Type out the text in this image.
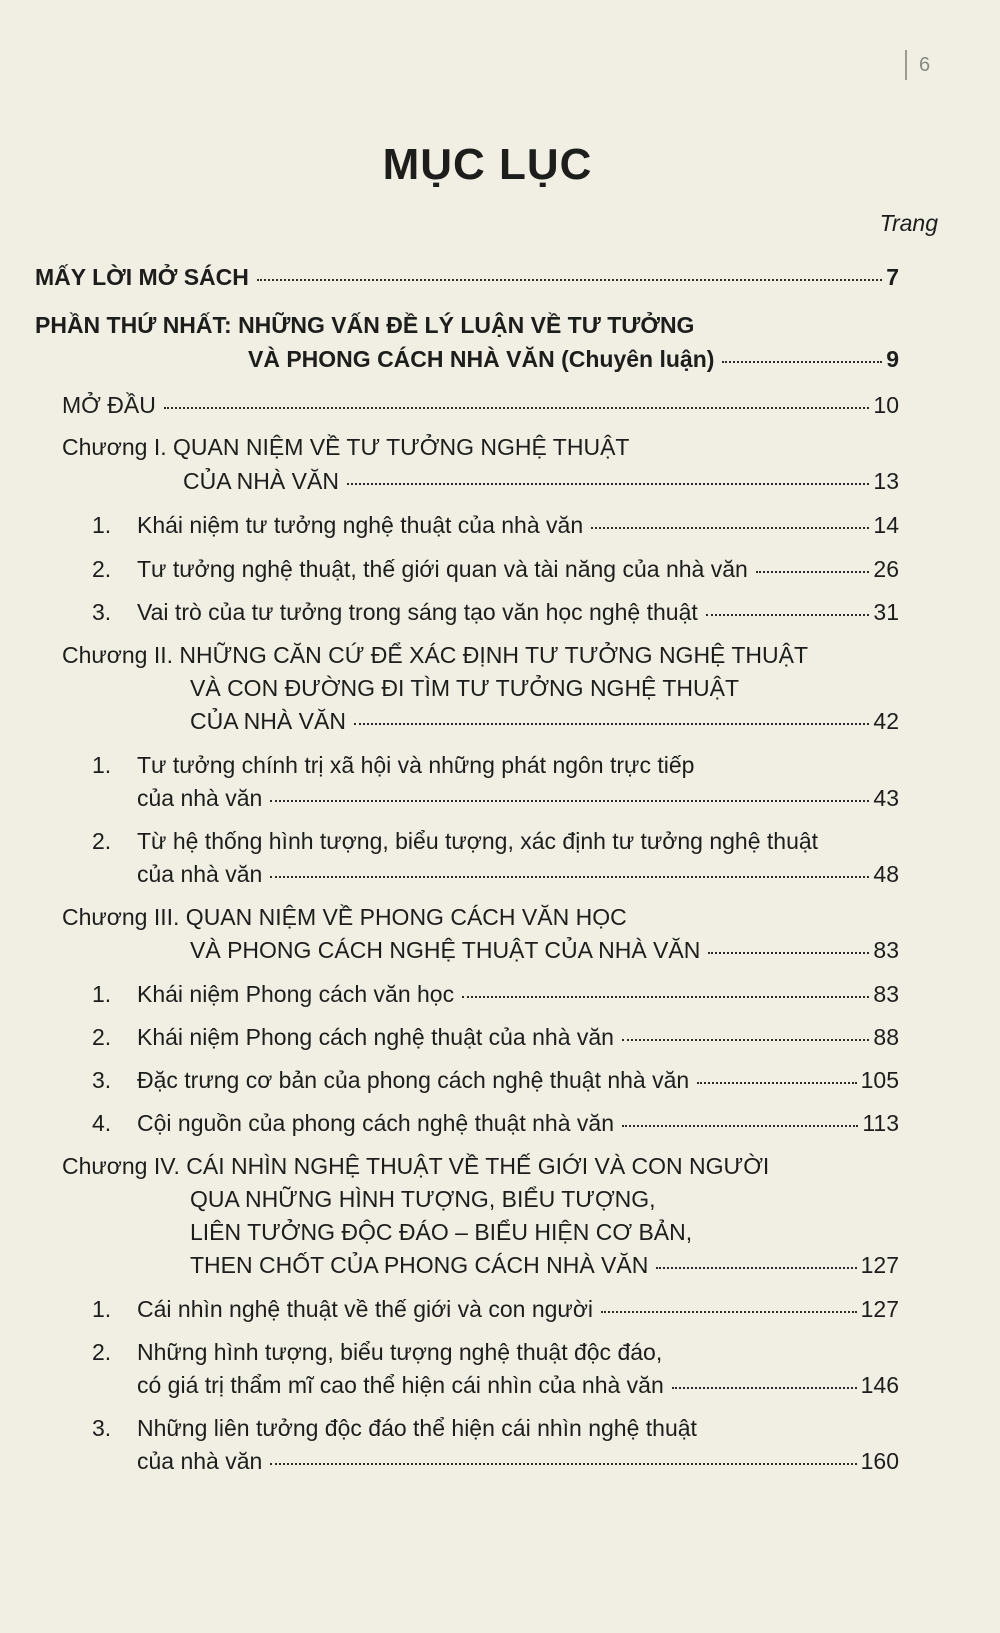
6
MỤC LỤC
Trang
MẤY LỜI MỞ SÁCH	7
PHẦN THỨ NHẤT: NHỮNG VẤN ĐỀ LÝ LUẬN VỀ TƯ TƯỞNG
VÀ PHONG CÁCH NHÀ VĂN (Chuyên luận)	9
MỞ ĐẦU	10
Chương I. QUAN NIỆM VỀ TƯ TƯỞNG NGHỆ THUẬT
CỦA NHÀ VĂN	13
1. Khái niệm tư tưởng nghệ thuật của nhà văn	14
2. Tư tưởng nghệ thuật, thế giới quan và tài năng của nhà văn	26
3. Vai trò của tư tưởng trong sáng tạo văn học nghệ thuật	31
Chương II. NHỮNG CĂN CỨ ĐỂ XÁC ĐỊNH TƯ TƯỞNG NGHỆ THUẬT
VÀ CON ĐƯỜNG ĐI TÌM TƯ TƯỞNG NGHỆ THUẬT
CỦA NHÀ VĂN	42
1. Tư tưởng chính trị xã hội và những phát ngôn trực tiếp
của nhà văn	43
2. Từ hệ thống hình tượng, biểu tượng, xác định tư tưởng nghệ thuật
của nhà văn	48
Chương III. QUAN NIỆM VỀ PHONG CÁCH VĂN HỌC
VÀ PHONG CÁCH NGHỆ THUẬT CỦA NHÀ VĂN	83
1. Khái niệm Phong cách văn học	83
2. Khái niệm Phong cách nghệ thuật của nhà văn	88
3. Đặc trưng cơ bản của phong cách nghệ thuật nhà văn	105
4. Cội nguồn của phong cách nghệ thuật nhà văn	113
Chương IV. CÁI NHÌN NGHỆ THUẬT VỀ THẾ GIỚI VÀ CON NGƯỜI
QUA NHỮNG HÌNH TƯỢNG, BIỂU TƯỢNG,
LIÊN TƯỞNG ĐỘC ĐÁO – BIỂU HIỆN CƠ BẢN,
THEN CHỐT CỦA PHONG CÁCH NHÀ VĂN	127
1. Cái nhìn nghệ thuật về thế giới và con người	127
2. Những hình tượng, biểu tượng nghệ thuật độc đáo,
có giá trị thẩm mĩ cao thể hiện cái nhìn của nhà văn	146
3. Những liên tưởng độc đáo thể hiện cái nhìn nghệ thuật
của nhà văn	160
